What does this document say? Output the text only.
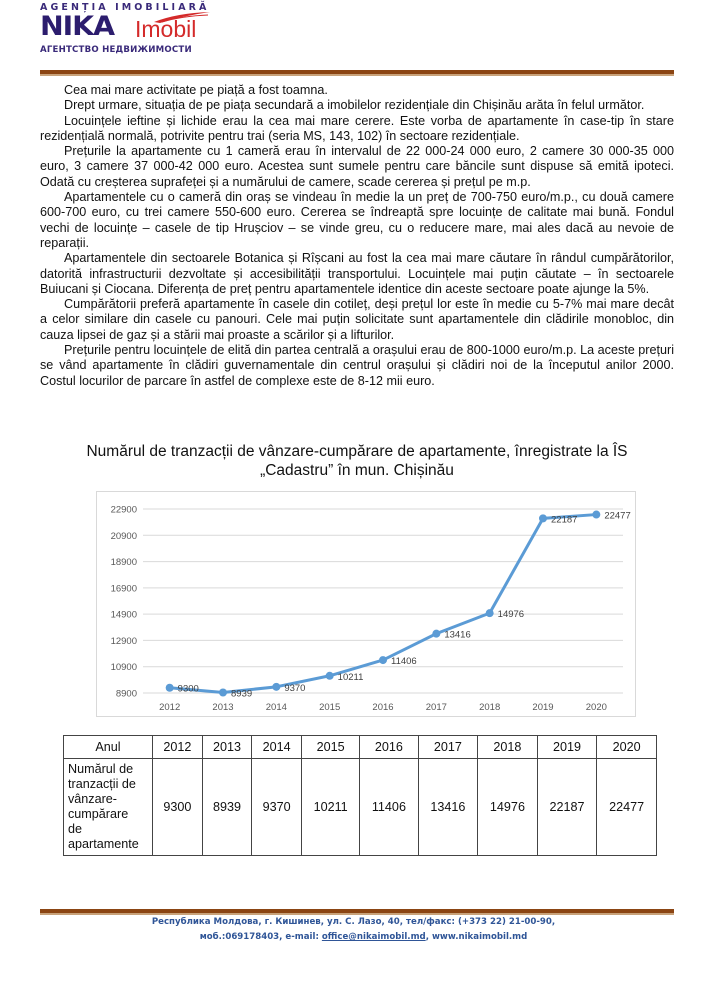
AGENȚIA IMOBILIARĂ
NIKA Imobil
АГЕНТСТВО НЕДВИЖИМОСТИ

Cea mai mare activitate pe piață a fost toamna.

Drept urmare, situația de pe piața secundară a imobilelor rezidențiale din Chișinău arăta în felul următor.

Locuințele ieftine și lichide erau la cea mai mare cerere. Este vorba de apartamente în case-tip în stare rezidențială normală, potrivite pentru trai (seria MS, 143, 102) în sectoare rezidențiale.

Prețurile la apartamente cu 1 cameră erau în intervalul de 22 000-24 000 euro, 2 camere 30 000-35 000 euro, 3 camere 37 000-42 000 euro. Acestea sunt sumele pentru care băncile sunt dispuse să emită ipoteci. Odată cu creșterea suprafeței și a numărului de camere, scade cererea și prețul pe m.p.

Apartamentele cu o cameră din oraș se vindeau în medie la un preț de 700-750 euro/m.p., cu două camere 600-700 euro, cu trei camere 550-600 euro. Cererea se îndreaptă spre locuințe de calitate mai bună. Fondul vechi de locuințe – casele de tip Hrușciov – se vinde greu, cu o reducere mare, mai ales dacă au nevoie de reparații.

Apartamentele din sectoarele Botanica și Rîșcani au fost la cea mai mare căutare în rândul cumpărătorilor, datorită infrastructurii dezvoltate și accesibilității transportului. Locuințele mai puțin căutate – în sectoarele Buiucani și Ciocana. Diferența de preț pentru apartamentele identice din aceste sectoare poate ajunge la 5%.

Cumpărătorii preferă apartamente în casele din cotileț, deși prețul lor este în medie cu 5-7% mai mare decât a celor similare din casele cu panouri. Cele mai puțin solicitate sunt apartamentele din clădirile monobloc, din cauza lipsei de gaz și a stării mai proaste a scărilor și a lifturilor.

Prețurile pentru locuințele de elită din partea centrală a orașului erau de 800-1000 euro/m.p. La aceste prețuri se vând apartamente în clădiri guvernamentale din centrul orașului și clădiri noi de la începutul anilor 2000. Costul locurilor de parcare în astfel de complexe este de 8-12 mii euro.

Numărul de tranzacții de vânzare-cumpărare de apartamente, înregistrate la ÎS
„Cadastru” în mun. Chișinău
8900
10900
12900
14900
16900
18900
20900
22900
2012	2013	2014	2015	2016	2017	2018	2019	2020
9300	8939
9370
10211
11406
13416
14976
22187	22477
Anul	2012	2013	2014	2015	2016	2017	2018	2019	2020
Numărul de
tranzacții de
vânzare-
cumpărare
de
apartamente	9300	8939	9370	10211	11406	13416	14976	22187	22477
Республика Молдова, г. Кишинев, ул. С. Лазо, 40, тел/факс: (+373 22) 21-00-90,
моб.:069178403, e-mail: office@nikaimobil.md, www.nikaimobil.md
